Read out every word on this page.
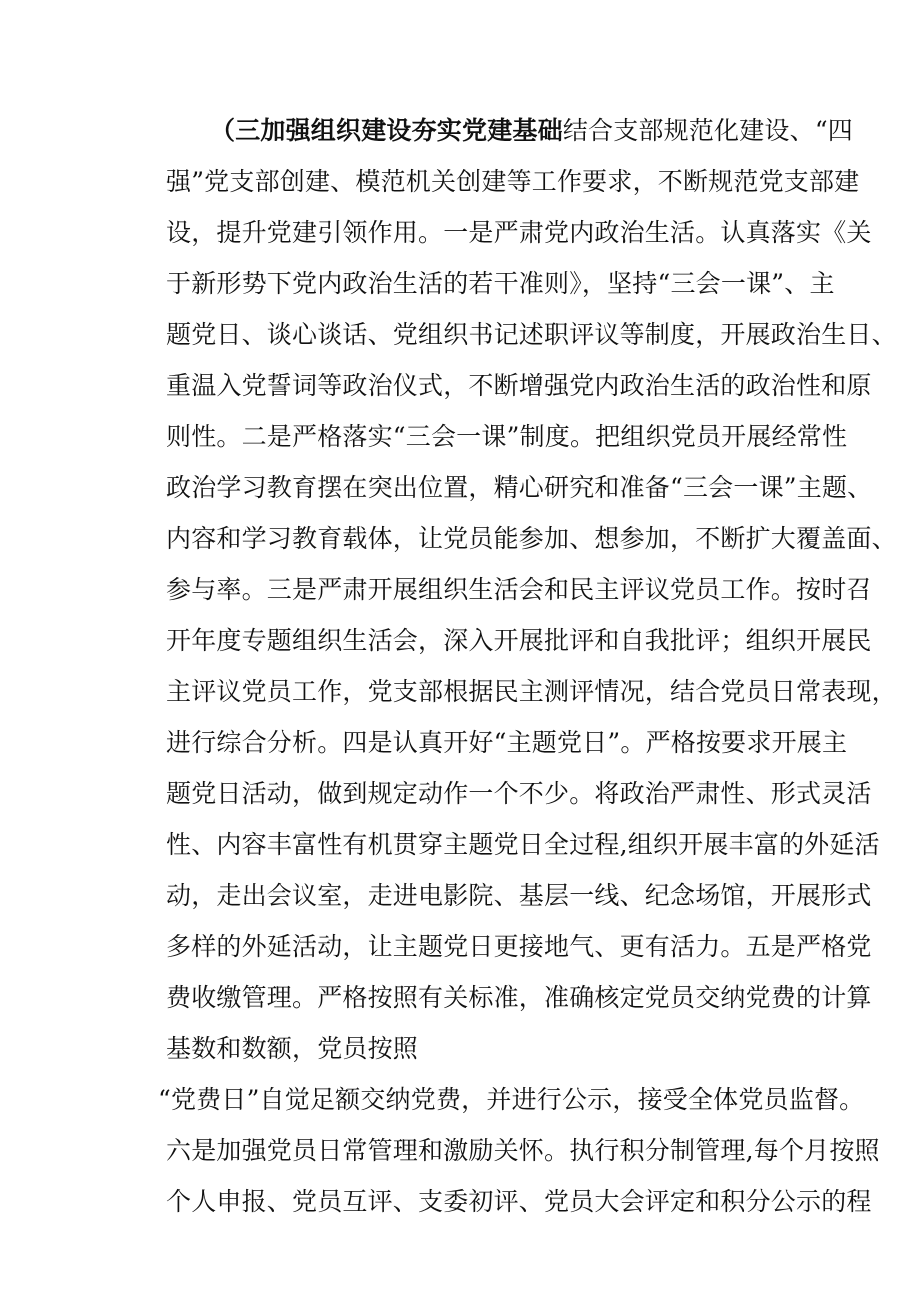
（三加强组织建设夯实党建基础结合支部规范化建设、“四
强”党支部创建、模范机关创建等工作要求，不断规范党支部建
设，提升党建引领作用。一是严肃党内政治生活。认真落实《关
于新形势下党内政治生活的若干准则》，坚持“三会一课”、主
题党日、谈心谈话、党组织书记述职评议等制度，开展政治生日、
重温入党誓词等政治仪式，不断增强党内政治生活的政治性和原
则性。二是严格落实“三会一课”制度。把组织党员开展经常性
政治学习教育摆在突出位置，精心研究和准备“三会一课”主题、
内容和学习教育载体，让党员能参加、想参加，不断扩大覆盖面、
参与率。三是严肃开展组织生活会和民主评议党员工作。按时召
开年度专题组织生活会，深入开展批评和自我批评；组织开展民
主评议党员工作，党支部根据民主测评情况，结合党员日常表现，
进行综合分析。四是认真开好“主题党日”。严格按要求开展主
题党日活动，做到规定动作一个不少。将政治严肃性、形式灵活
性、内容丰富性有机贯穿主题党日全过程,组织开展丰富的外延活
动，走出会议室，走进电影院、基层一线、纪念场馆，开展形式
多样的外延活动，让主题党日更接地气、更有活力。五是严格党
费收缴管理。严格按照有关标准，准确核定党员交纳党费的计算
基数和数额，党员按照
“党费日”自觉足额交纳党费，并进行公示，接受全体党员监督。
六是加强党员日常管理和激励关怀。执行积分制管理,每个月按照
个人申报、党员互评、支委初评、党员大会评定和积分公示的程
